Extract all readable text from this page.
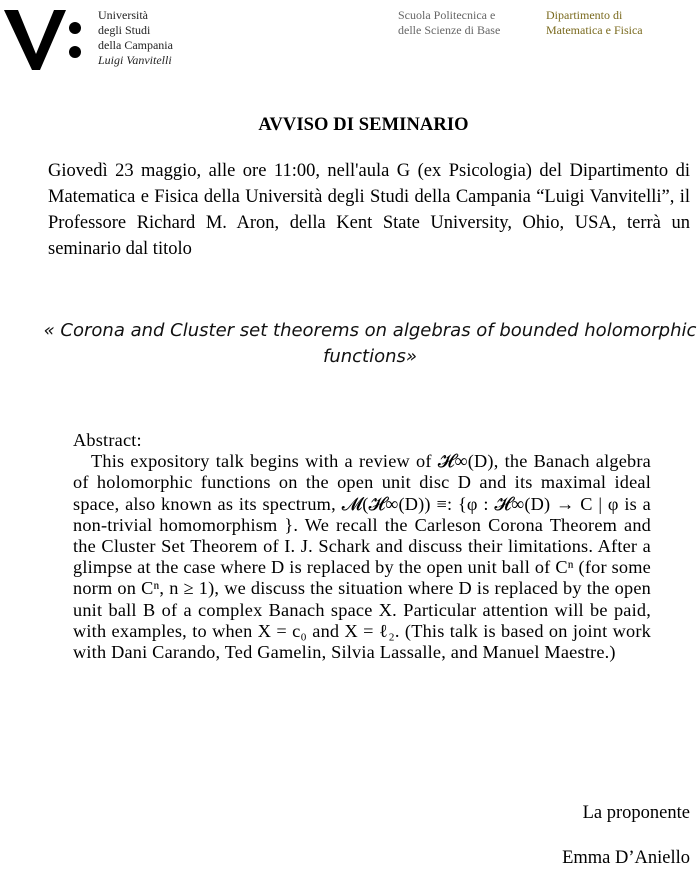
Università
degli Studi
della Campania
Luigi Vanvitelli
Scuola Politecnica e
delle Scienze di Base
Dipartimento di
Matematica e Fisica
AVVISO DI SEMINARIO
Giovedì 23 maggio, alle ore 11:00, nell'aula G (ex Psicologia) del Dipartimento di Matematica e Fisica della Università degli Studi della Campania “Luigi Vanvitelli”, il Professore Richard M. Aron, della Kent State University, Ohio, USA, terrà un seminario dal titolo
« Corona and Cluster set theorems on algebras of bounded holomorphic functions»
Abstract:
This expository talk begins with a review of 𝓗∞(D), the Banach algebra of holomorphic functions on the open unit disc D and its maximal ideal space, also known as its spectrum, 𝓜(𝓗∞(D)) ≡: {φ : 𝓗∞(D) → C | φ is a non-trivial homomorphism }. We recall the Carleson Corona Theorem and the Cluster Set Theorem of I. J. Schark and discuss their limitations. After a glimpse at the case where D is replaced by the open unit ball of Cⁿ (for some norm on Cⁿ, n ≥ 1), we discuss the situation where D is replaced by the open unit ball B of a complex Banach space X. Particular attention will be paid, with examples, to when X = c₀ and X = ℓ₂. (This talk is based on joint work with Dani Carando, Ted Gamelin, Silvia Lassalle, and Manuel Maestre.)
La proponente
Emma D’Aniello
